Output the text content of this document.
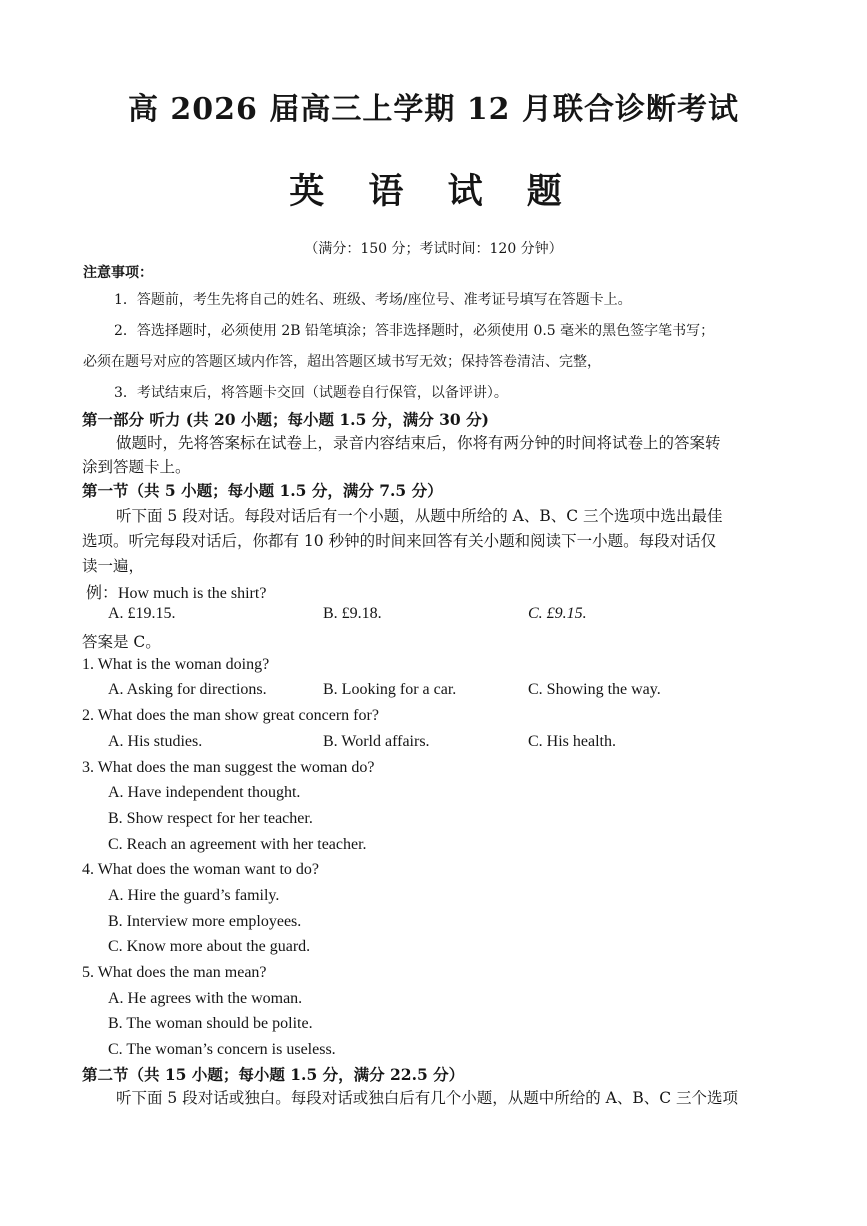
高 2026 届高三上学期 12 月联合诊断考试
英 语 试 题
（满分：150 分；考试时间：120 分钟）
注意事项：
1．答题前，考生先将自己的姓名、班级、考场/座位号、准考证号填写在答题卡上。
2．答选择题时，必须使用 2B 铅笔填涂；答非选择题时，必须使用 0.5 毫米的黑色签字笔书写；
必须在题号对应的答题区域内作答，超出答题区域书写无效；保持答卷清洁、完整，
3．考试结束后，将答题卡交回（试题卷自行保管，以备评讲）。
第一部分 听力 (共 20 小题；每小题 1.5 分，满分 30 分)
做题时，先将答案标在试卷上，录音内容结束后，你将有两分钟的时间将试卷上的答案转
涂到答题卡上。
第一节（共 5 小题；每小题 1.5 分，满分 7.5 分）
听下面 5 段对话。每段对话后有一个小题，从题中所给的 A、B、C 三个选项中选出最佳
选项。听完每段对话后，你都有 10 秒钟的时间来回答有关小题和阅读下一小题。每段对话仅
读一遍，
例：How much is the shirt?
A. £19.15.	B. £9.18.	C. £9.15.
答案是 C。
1. What is the woman doing?
A. Asking for directions.	B. Looking for a car.	C. Showing the way.
2. What does the man show great concern for?
A. His studies.	B. World affairs.	C. His health.
3. What does the man suggest the woman do?
A. Have independent thought.
B. Show respect for her teacher.
C. Reach an agreement with her teacher.
4. What does the woman want to do?
A. Hire the guard’s family.
B. Interview more employees.
C. Know more about the guard.
5. What does the man mean?
A. He agrees with the woman.
B. The woman should be polite.
C. The woman’s concern is useless.
第二节（共 15 小题；每小题 1.5 分，满分 22.5 分）
听下面 5 段对话或独白。每段对话或独白后有几个小题，从题中所给的 A、B、C 三个选项
